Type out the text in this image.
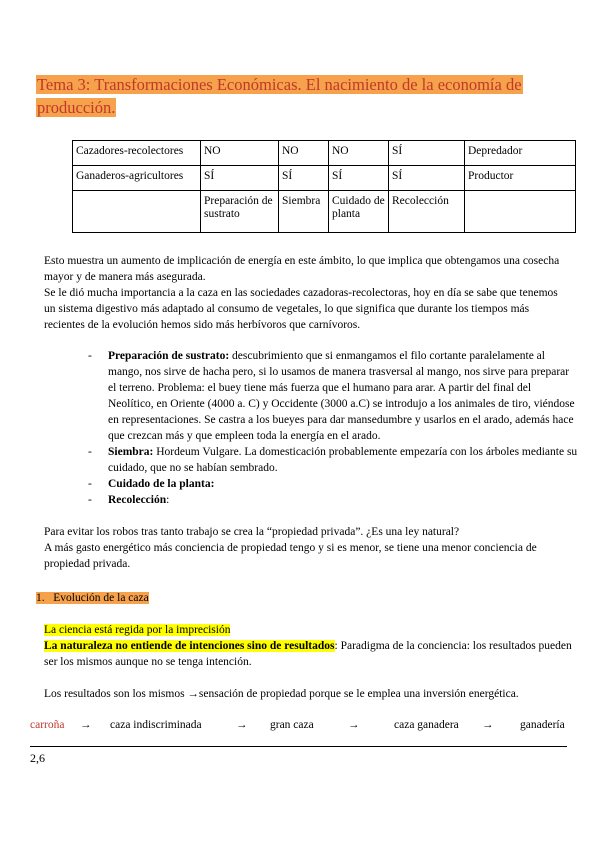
Tema 3: Transformaciones Económicas. El nacimiento de la economía de
producción.
Cazadores-recolectores	NO	NO	NO	SÍ	Depredador
Ganaderos-agricultores	SÍ	SÍ	SÍ	SÍ	Productor
	Preparación de sustrato	Siembra	Cuidado de planta	Recolección	

Esto muestra un aumento de implicación de energía en este ámbito, lo que implica que obtengamos una cosecha mayor y de manera más asegurada.

Se le dió mucha importancia a la caza en las sociedades cazadoras-recolectoras, hoy en día se sabe que tenemos un sistema digestivo más adaptado al consumo de vegetales, lo que significa que durante los tiempos más recientes de la evolución hemos sido más herbívoros que carnívoros.

- Preparación de sustrato: descubrimiento que si enmangamos el filo cortante paralelamente al mango, nos sirve de hacha pero, si lo usamos de manera trasversal al mango, nos sirve para preparar el terreno. Problema: el buey tiene más fuerza que el humano para arar. A partir del final del Neolítico, en Oriente (4000 a. C) y Occidente (3000 a.C) se introdujo a los animales de tiro, viéndose en representaciones. Se castra a los bueyes para dar mansedumbre y usarlos en el arado, además hace que crezcan más y que empleen toda la energía en el arado.
- Siembra: Hordeum Vulgare. La domesticación probablemente empezaría con los árboles mediante su cuidado, que no se habían sembrado.
- Cuidado de la planta:
- Recolección:

Para evitar los robos tras tanto trabajo se crea la “propiedad privada”. ¿Es una ley natural?

A más gasto energético más conciencia de propiedad tengo y si es menor, se tiene una menor conciencia de propiedad privada.

1. Evolución de la caza

La ciencia está regida por la imprecisión

La naturaleza no entiende de intenciones sino de resultados: Paradigma de la conciencia: los resultados pueden ser los mismos aunque no se tenga intención.

Los resultados son los mismos →sensación de propiedad porque se le emplea una inversión energética.

carroña → caza indiscriminada	→ gran caza	→	caza ganadera → ganadería

2,6
